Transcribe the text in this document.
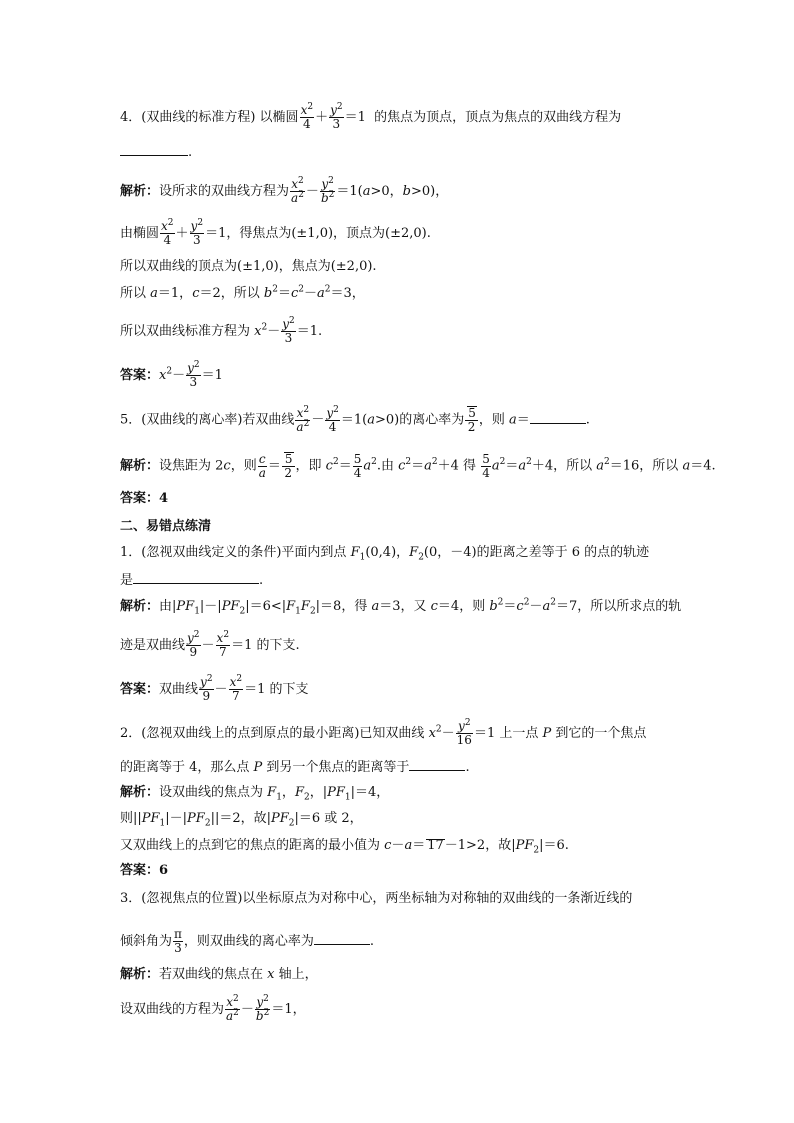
4．(双曲线的标准方程) 以椭圆 $\frac{x^2}{4} + \frac{y^2}{3} =1$  的焦点为顶点，顶点为焦点的双曲线方程为
.
解析：设所求的双曲线方程为 $\frac{x^2}{a^2} - \frac{y^2}{b^2} =1(a>0$，b>0)，
由椭圆 $\frac{x^2}{4} + \frac{y^2}{3} =1$，得焦点为(±1,0)，顶点为(±2,0).
所以双曲线的顶点为(±1,0)，焦点为(±2,0).
所以 a＝1，c＝2，所以 $b^2=c^2-a^2=3$，
所以双曲线标准方程为 $x^2- \frac{y^2}{3} =1$.
答案：$x^2- \frac{y^2}{3} =1$
5．(双曲线的离心率)若双曲线 $\frac{x^2}{a^2} - \frac{y^2}{4} =1(a>0)$的离心率为 $\frac{5}{2}$ ，则 a＝	.
解析：设焦距为 2c，则 $\frac{c}{a} = \frac{5}{2}$ ，即 $c^2= \frac{5}{4} a^2$.由 $c^2=a^2+4$ 得 $\frac{5}{4} a^2=a^2+4$，所以 $a^2=16$，所以 a＝4.
答案：4
二、易错点练清
1．(忽视双曲线定义的条件)平面内到点 $F_1(0,4)$，$F_2(0$，－4)的距离之差等于 6 的点的轨迹
是	.
解析：由$|PF_1|-|PF_2|=6<|F_1F_2|=8$，得 a＝3，又 c＝4，则 $b^2=c^2-a^2=7$，所以所求点的轨
迹是双曲线 $\frac{y^2}{9} - \frac{x^2}{7} =1$ 的下支.
答案：双曲线 $\frac{y^2}{9} - \frac{x^2}{7} =1$ 的下支
2．(忽视双曲线上的点到原点的最小距离)已知双曲线 $x^2- \frac{y^2}{16} =1$ 上一点 P 到它的一个焦点
的距离等于 4，那么点 P 到另一个焦点的距离等于	.
解析：设双曲线的焦点为 $F_1$，$F_2$，$|PF_1|=4$，
则$||PF_1|-|PF_2||=2$，故$|PF_2|=6$ 或 2，
又双曲线上的点到它的焦点的距离的最小值为 c－a＝ 17－1>2，故$|PF_2|=6$.
答案：6
3．(忽视焦点的位置)以坐标原点为对称中心，两坐标轴为对称轴的双曲线的一条渐近线的
倾斜角为 $\frac{\pi}{3}$ ，则双曲线的离心率为	.
解析：若双曲线的焦点在 x 轴上，
设双曲线的方程为 $\frac{x^2}{a^2} - \frac{y^2}{b^2} =1$，
